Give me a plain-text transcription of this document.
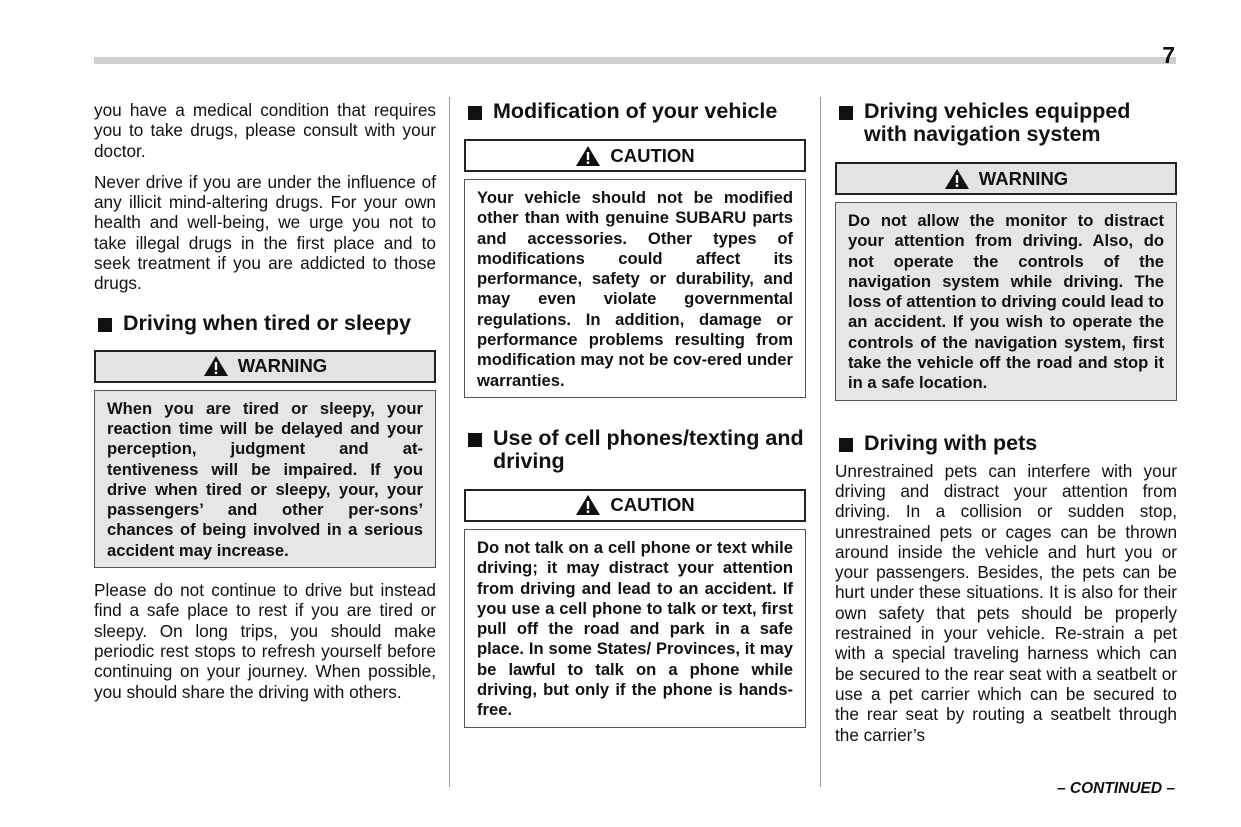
7

you have a medical condition that requires you to take drugs, please consult with your doctor.

Never drive if you are under the influence of any illicit mind-altering drugs. For your own health and well-being, we urge you not to take illegal drugs in the first place and to seek treatment if you are addicted to those drugs.

Driving when tired or sleepy
WARNING
When you are tired or sleepy, your reaction time will be delayed and your perception, judgment and at-tentiveness will be impaired. If you drive when tired or sleepy, your, your passengers’ and other per-sons’ chances of being involved in a serious accident may increase.

Please do not continue to drive but instead find a safe place to rest if you are tired or sleepy. On long trips, you should make periodic rest stops to refresh yourself before continuing on your journey. When possible, you should share the driving with others.

Modification of your vehicle
CAUTION
Your vehicle should not be modified other than with genuine SUBARU parts and accessories. Other types of modifications could affect its performance, safety or durability, and may even violate governmental regulations. In addition, damage or performance problems resulting from modification may not be cov-ered under warranties.
Use of cell phones/texting and driving
CAUTION
Do not talk on a cell phone or text while driving; it may distract your attention from driving and lead to an accident. If you use a cell phone to talk or text, first pull off the road and park in a safe place. In some States/ Provinces, it may be lawful to talk on a phone while driving, but only if the phone is hands-free.
Driving vehicles equipped with navigation system
WARNING
Do not allow the monitor to distract your attention from driving. Also, do not operate the controls of the navigation system while driving. The loss of attention to driving could lead to an accident. If you wish to operate the controls of the navigation system, first take the vehicle off the road and stop it in a safe location.
Driving with pets

Unrestrained pets can interfere with your driving and distract your attention from driving. In a collision or sudden stop, unrestrained pets or cages can be thrown around inside the vehicle and hurt you or your passengers. Besides, the pets can be hurt under these situations. It is also for their own safety that pets should be properly restrained in your vehicle. Re-strain a pet with a special traveling harness which can be secured to the rear seat with a seatbelt or use a pet carrier which can be secured to the rear seat by routing a seatbelt through the carrier’s

– CONTINUED –
